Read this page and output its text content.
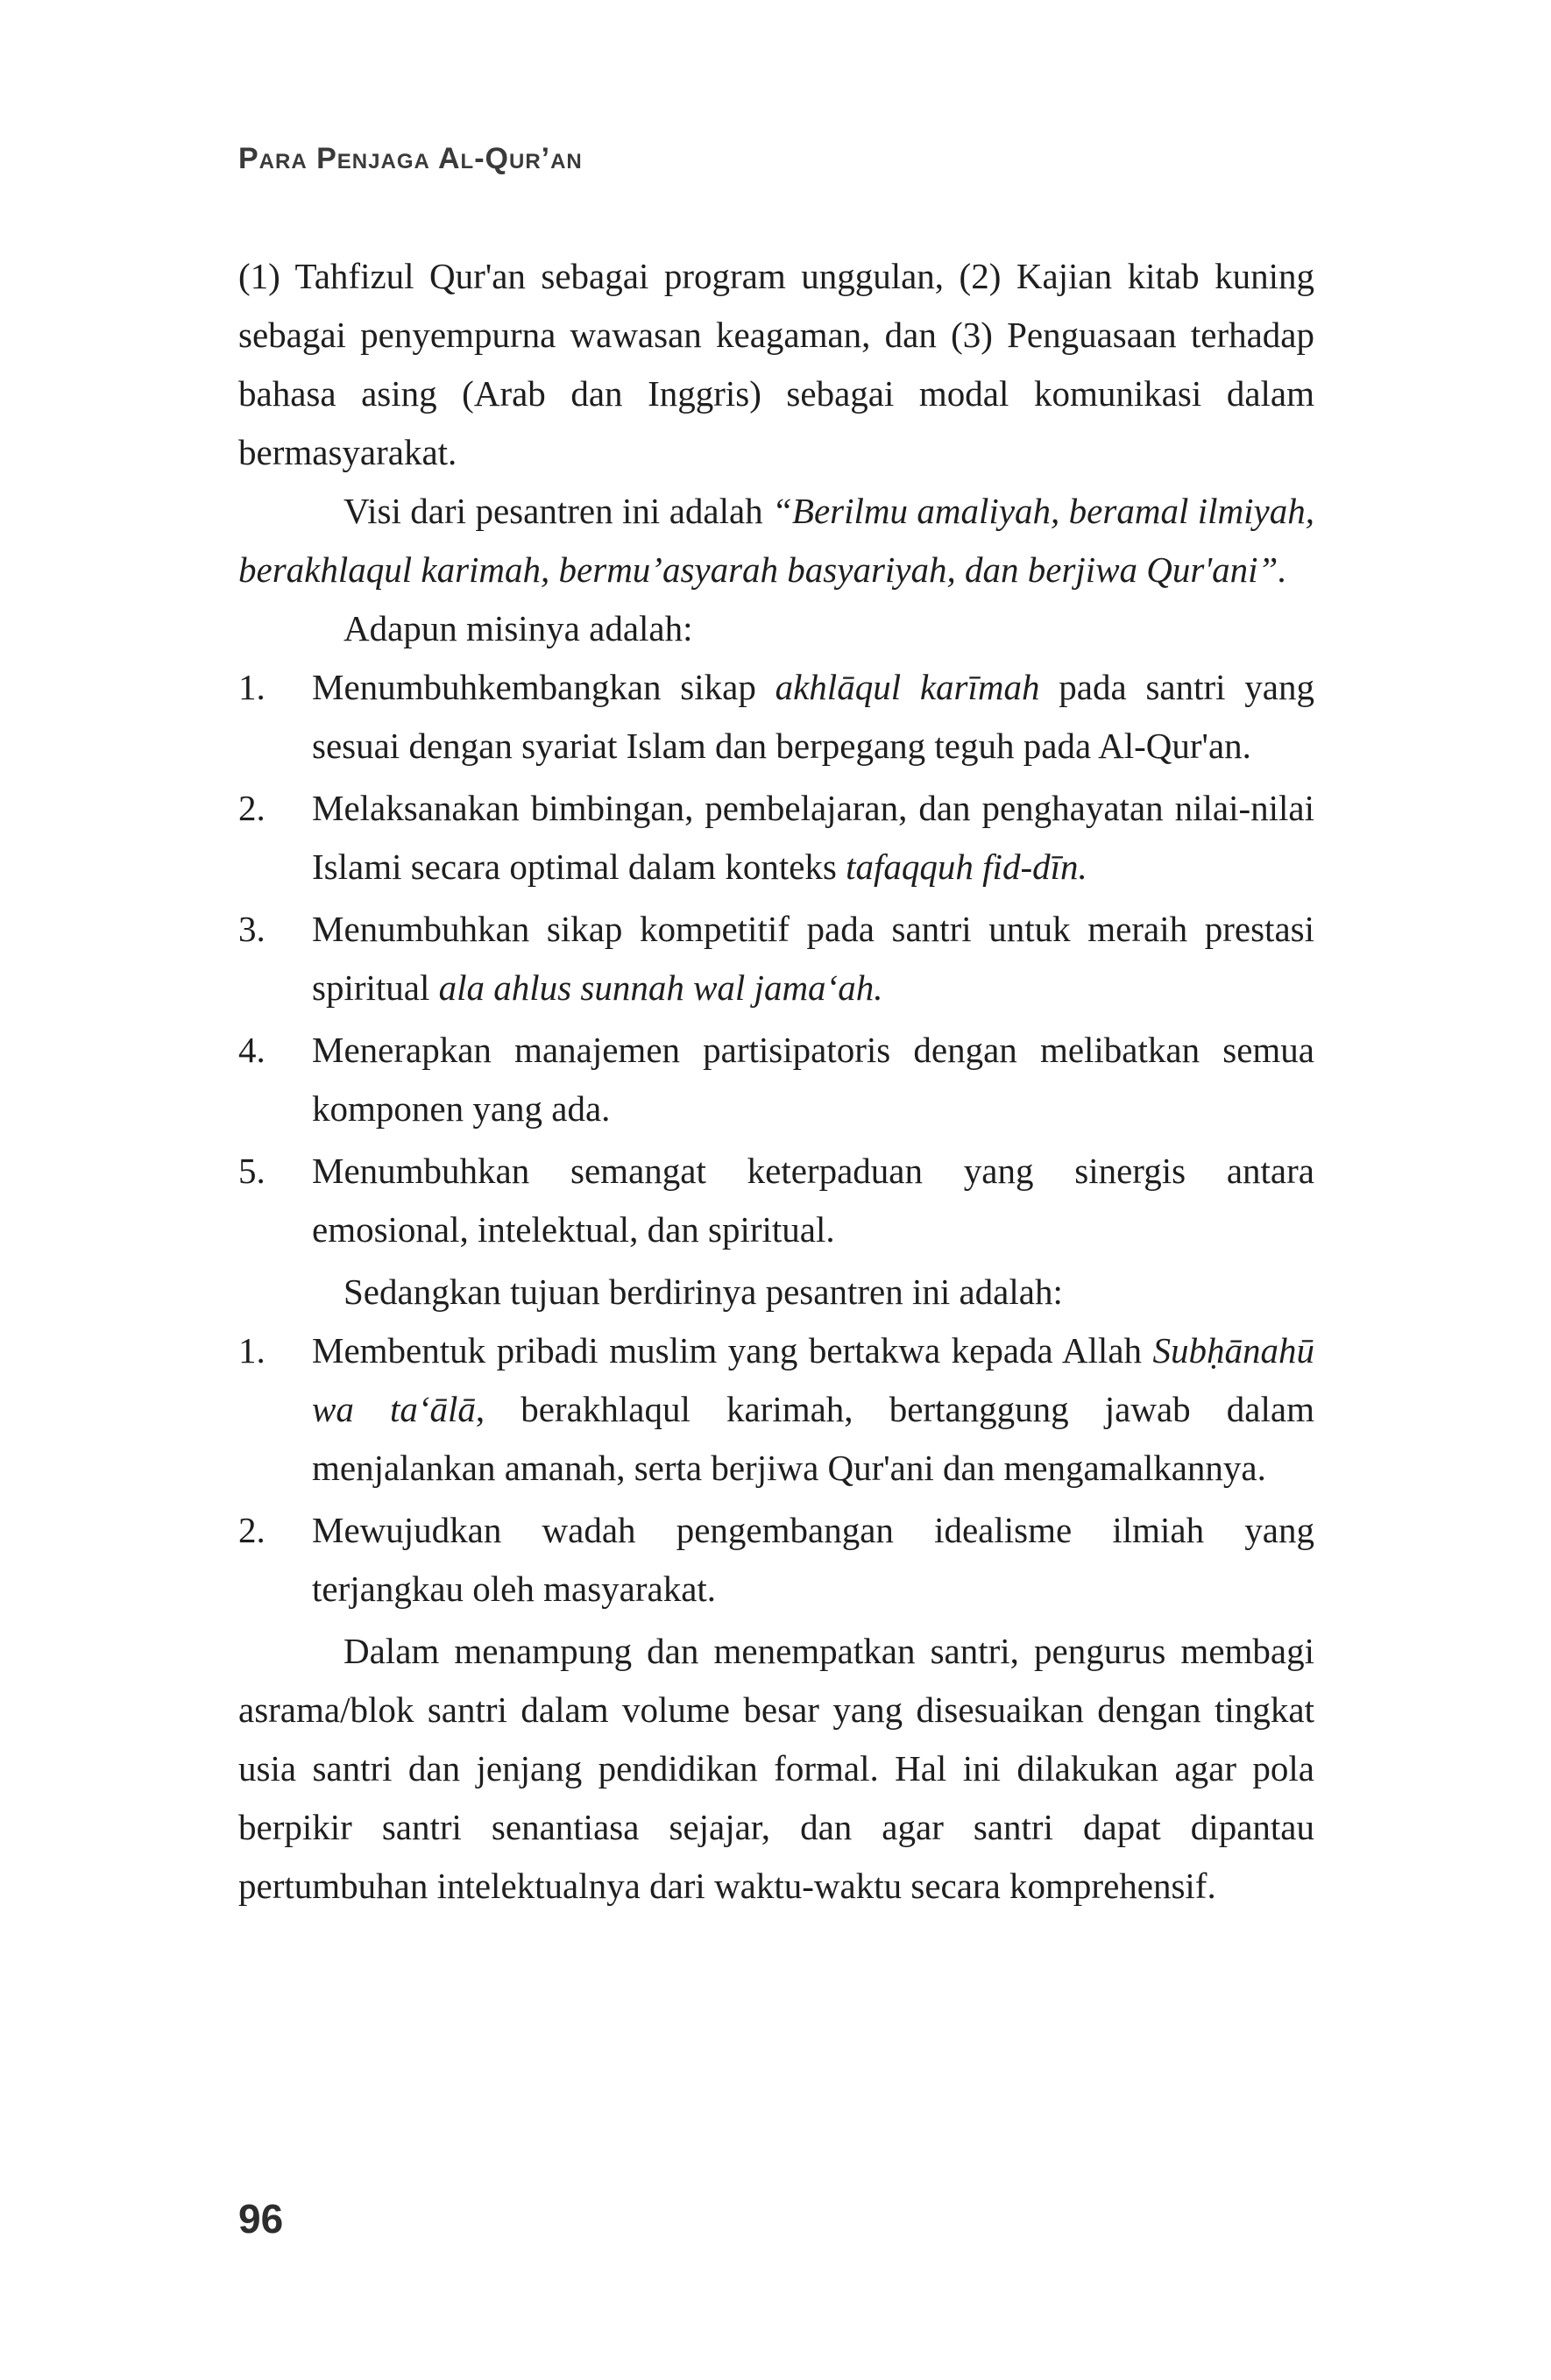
Para Penjaga Al-Qur’an

(1) Tahfizul Qur'an sebagai program unggulan, (2) Kajian kitab kuning sebagai penyempurna wawasan keagaman, dan (3) Penguasaan terhadap bahasa asing (Arab dan Inggris) sebagai modal komunikasi dalam bermasyarakat.

Visi dari pesantren ini adalah “Berilmu amaliyah, beramal ilmiyah, berakhlaqul karimah, bermu’asyarah basyariyah, dan berjiwa Qur'ani”.

Adapun misinya adalah:

1. Menumbuhkembangkan sikap akhlāqul karīmah pada santri yang sesuai dengan syariat Islam dan berpegang teguh pada Al-Qur'an.
2. Melaksanakan bimbingan, pembelajaran, dan penghayatan nilai-nilai Islami secara optimal dalam konteks tafaqquh fid-dīn.
3. Menumbuhkan sikap kompetitif pada santri untuk meraih prestasi spiritual ala ahlus sunnah wal jama‘ah.
4. Menerapkan manajemen partisipatoris dengan melibatkan semua komponen yang ada.
5. Menumbuhkan semangat keterpaduan yang sinergis antara emosional, intelektual, dan spiritual.

Sedangkan tujuan berdirinya pesantren ini adalah:

1. Membentuk pribadi muslim yang bertakwa kepada Allah Subḥānahū wa ta‘ālā, berakhlaqul karimah, bertanggung jawab dalam menjalankan amanah, serta berjiwa Qur'ani dan mengamalkannya.
2. Mewujudkan wadah pengembangan idealisme ilmiah yang terjangkau oleh masyarakat.

Dalam menampung dan menempatkan santri, pengurus membagi asrama/blok santri dalam volume besar yang disesuaikan dengan tingkat usia santri dan jenjang pendidikan formal. Hal ini dilakukan agar pola berpikir santri senantiasa sejajar, dan agar santri dapat dipantau pertumbuhan intelektualnya dari waktu-waktu secara komprehensif.

96
